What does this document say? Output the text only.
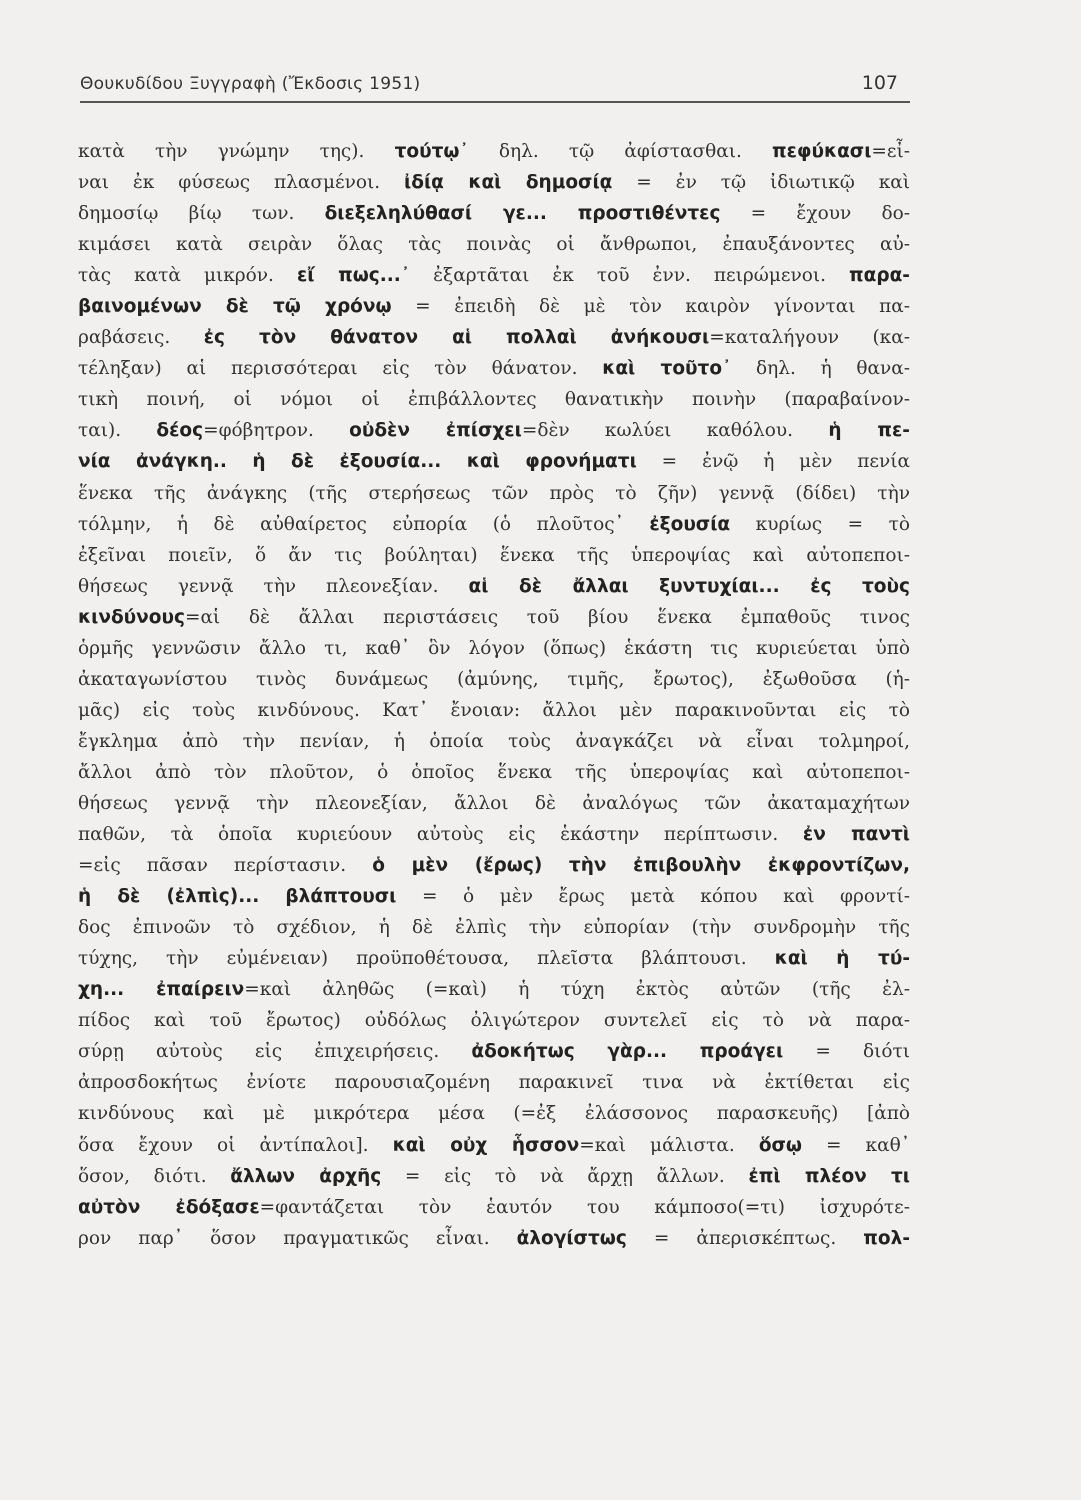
Θουκυδίδου Ξυγγραφὴ (Ἔκδοσις 1951)	107
κατὰ τὴν γνώμην της). τούτῳ᾽ δηλ. τῷ ἀφίστασθαι. πεφύκασι=εἶ-
ναι ἐκ φύσεως πλασμένοι. ἰδίᾳ καὶ δημοσίᾳ = ἐν τῷ ἰδιωτικῷ καὶ
δημοσίῳ βίῳ των. διεξεληλύθασί γε... προστιθέντες = ἔχουν δο-
κιμάσει κατὰ σειρὰν ὅλας τὰς ποινὰς οἱ ἄνθρωποι, ἐπαυξάνοντες αὐ-
τὰς κατὰ μικρόν. εἴ πως...᾽ ἐξαρτᾶται ἐκ τοῦ ἐνν. πειρώμενοι. παρα-
βαινομένων δὲ τῷ χρόνῳ = ἐπειδὴ δὲ μὲ τὸν καιρὸν γίνονται πα-
ραβάσεις. ἐς τὸν θάνατον αἱ πολλαὶ ἀνήκουσι=καταλήγουν (κα-
τέληξαν) αἱ περισσότεραι εἰς τὸν θάνατον. καὶ τοῦτο᾽ δηλ. ἡ θανα-
τικὴ ποινή, οἱ νόμοι οἱ ἐπιβάλλοντες θανατικὴν ποινὴν (παραβαίνον-
ται). δέος=φόβητρον. οὐδὲν ἐπίσχει=δὲν κωλύει καθόλου. ἡ πε-
νία ἀνάγκη.. ἡ δὲ ἐξουσία... καὶ φρονήματι = ἐνῷ ἡ μὲν πενία
ἕνεκα τῆς ἀνάγκης (τῆς στερήσεως τῶν πρὸς τὸ ζῆν) γεννᾷ (δίδει) τὴν
τόλμην, ἡ δὲ αὐθαίρετος εὐπορία (ὁ πλοῦτος᾽ ἐξουσία κυρίως = τὸ
ἐξεῖναι ποιεῖν, ὅ ἄν τις βούληται) ἕνεκα τῆς ὑπεροψίας καὶ αὐτοπεποι-
θήσεως γεννᾷ τὴν πλεονεξίαν. αἱ δὲ ἄλλαι ξυντυχίαι... ἐς τοὺς
κινδύνους=αἱ δὲ ἄλλαι περιστάσεις τοῦ βίου ἕνεκα ἐμπαθοῦς τινος
ὁρμῆς γεννῶσιν ἄλλο τι, καθ᾽ ὃν λόγον (ὅπως) ἑκάστη τις κυριεύεται ὑπὸ
ἀκαταγωνίστου τινὸς δυνάμεως (ἀμύνης, τιμῆς, ἔρωτος), ἐξωθοῦσα (ἡ-
μᾶς) εἰς τοὺς κινδύνους. Κατ᾽ ἔνοιαν: ἄλλοι μὲν παρακινοῦνται εἰς τὸ
ἔγκλημα ἀπὸ τὴν πενίαν, ἡ ὁποία τοὺς ἀναγκάζει νὰ εἶναι τολμηροί,
ἄλλοι ἀπὸ τὸν πλοῦτον, ὁ ὁποῖος ἕνεκα τῆς ὑπεροψίας καὶ αὐτοπεποι-
θήσεως γεννᾷ τὴν πλεονεξίαν, ἄλλοι δὲ ἀναλόγως τῶν ἀκαταμαχήτων
παθῶν, τὰ ὁποῖα κυριεύουν αὐτοὺς εἰς ἑκάστην περίπτωσιν. ἐν παντὶ
=εἰς πᾶσαν περίστασιν. ὁ μὲν (ἔρως) τὴν ἐπιβουλὴν ἐκφροντίζων,
ἡ δὲ (ἐλπὶς)... βλάπτουσι = ὁ μὲν ἔρως μετὰ κόπου καὶ φροντί-
δος ἐπινοῶν τὸ σχέδιον, ἡ δὲ ἐλπὶς τὴν εὐπορίαν (τὴν συνδρομὴν τῆς
τύχης, τὴν εὐμένειαν) προϋποθέτουσα, πλεῖστα βλάπτουσι. καὶ ἡ τύ-
χη... ἐπαίρειν=καὶ ἀληθῶς (=καὶ) ἡ τύχη ἐκτὸς αὐτῶν (τῆς ἐλ-
πίδος καὶ τοῦ ἔρωτος) οὐδόλως ὀλιγώτερον συντελεῖ εἰς τὸ νὰ παρα-
σύρῃ αὐτοὺς εἰς ἐπιχειρήσεις. ἀδοκήτως γὰρ... προάγει = διότι
ἀπροσδοκήτως ἐνίοτε παρουσιαζομένη παρακινεῖ τινα νὰ ἐκτίθεται εἰς
κινδύνους καὶ μὲ μικρότερα μέσα (=ἐξ ἐλάσσονος παρασκευῆς) [ἀπὸ
ὅσα ἔχουν οἱ ἀντίπαλοι]. καὶ οὐχ ἧσσον=καὶ μάλιστα. ὅσῳ = καθ᾽
ὅσον, διότι. ἄλλων ἀρχῆς = εἰς τὸ νὰ ἄρχῃ ἄλλων. ἐπὶ πλέον τι
αὐτὸν ἐδόξασε=φαντάζεται τὸν ἑαυτόν του κάμποσο(=τι) ἰσχυρότε-
ρον παρ᾽ ὅσον πραγματικῶς εἶναι. ἀλογίστως = ἀπερισκέπτως. πολ-
